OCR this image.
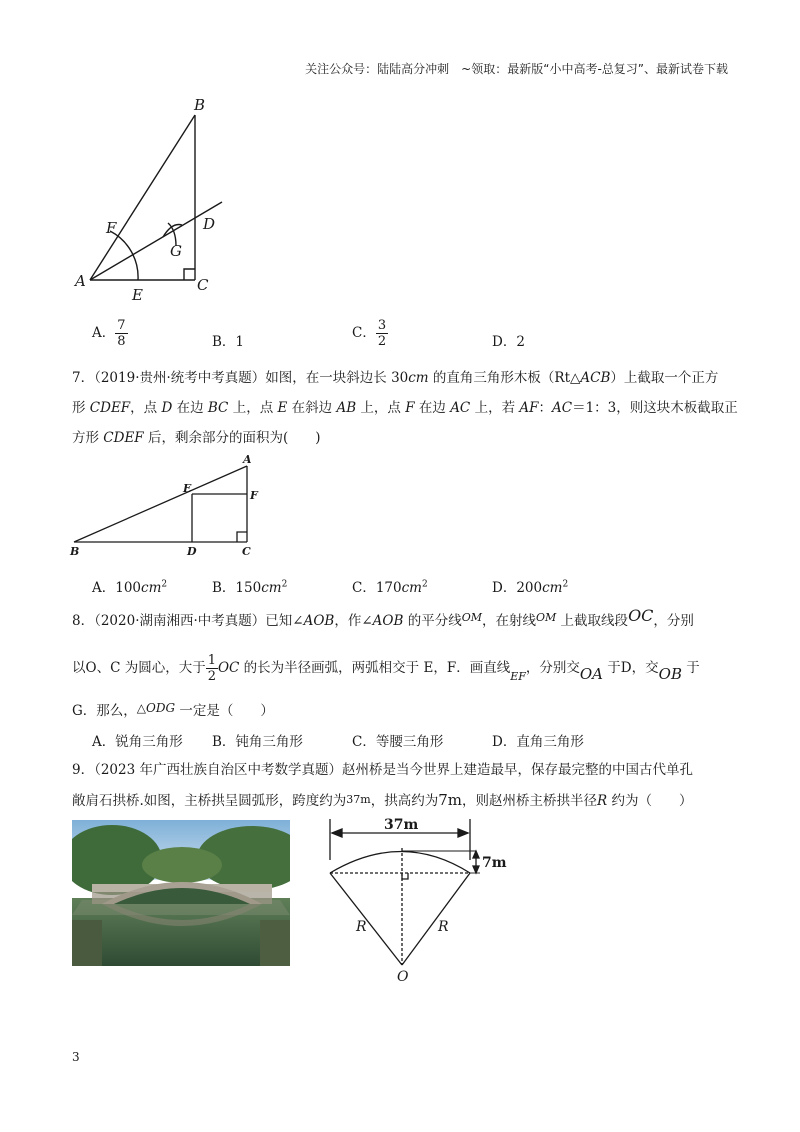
关注公众号：陆陆高分冲刺　~领取：最新版“小中高考-总复习”、最新试卷下载
B
F	D
G
A
E
C
A． $\frac{7}{8}$	B．1
C． $\frac{3}{2}$	D．2
7．（2019·贵州·统考中考真题）如图，在一块斜边长 30cm 的直角三角形木板（Rt△ACB）上截取一个正方
形 CDEF，点 D 在边 BC 上，点 E 在斜边 AB 上，点 F 在边 AC 上，若 AF：AC＝1：3，则这块木板截取正
方形 CDEF 后，剩余部分的面积为(　　)
A
E
F
B	D	C
A．$100cm^2$	B．$150cm^2$	C．$170cm^2$	D．$200cm^2$
8．（2020·湖南湘西·中考真题）已知∠AOB，作∠AOB 的平分线$^{OM}$，在射线$^{OM}$ 上截取线段OC，分别
以O、C 为圆心，大于 $\frac{1}{2}$ OC 的长为半径画弧，两弧相交于 E，F．画直线$_{EF}$，分别交OA 于D，交OB 于
G．那么，△ODG 一定是（　　）
A．锐角三角形 B．钝角三角形	C．等腰三角形	D．直角三角形
9．（2023 年广西壮族自治区中考数学真题）赵州桥是当今世界上建造最早，保存最完整的中国古代单孔
敞肩石拱桥.如图，主桥拱呈圆弧形，跨度约为37m，拱高约为7m，则赵州桥主桥拱半径R 约为（　　）
37m
7m
R	R
O
3
